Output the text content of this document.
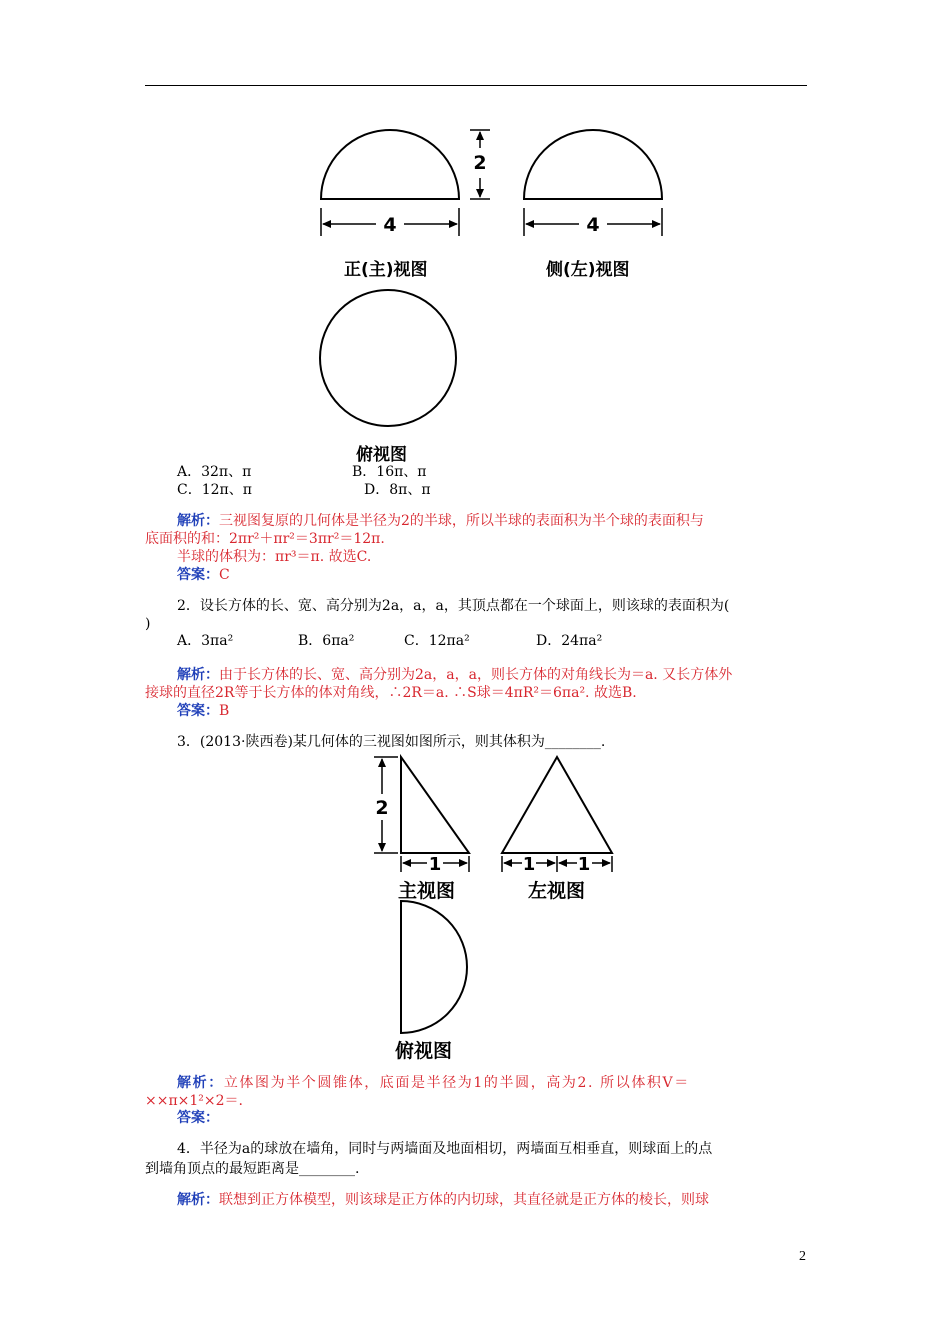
2
4	4
正(主)视图	侧(左)视图
俯视图
A．32π、π	B．16π、π
C．12π、π	D．8π、π
解析：三视图复原的几何体是半径为2的半球，所以半球的表面积为半个球的表面积与
底面积的和：2πr²＋πr²＝3πr²＝12π.
半球的体积为：πr³＝π. 故选C.
答案：C
2．设长方体的长、宽、高分别为2a，a，a，其顶点都在一个球面上，则该球的表面积为(
)
A．3πa²	B．6πa²	C．12πa²	D．24πa²
解析：由于长方体的长、宽、高分别为2a，a，a，则长方体的对角线长为＝a. 又长方体外
接球的直径2R等于长方体的体对角线，∴2R＝a. ∴S球＝4πR²＝6πa². 故选B.
答案：B
3．(2013·陕西卷)某几何体的三视图如图所示，则其体积为________.
2
1	1 1
主视图	左视图
俯视图
解析：立体图为半个圆锥体，底面是半径为1的半圆，高为2. 所以体积V＝
××π×1²×2＝.
答案：
4．半径为a的球放在墙角，同时与两墙面及地面相切，两墙面互相垂直，则球面上的点
到墙角顶点的最短距离是________.
解析：联想到正方体模型，则该球是正方体的内切球，其直径就是正方体的棱长，则球
2
